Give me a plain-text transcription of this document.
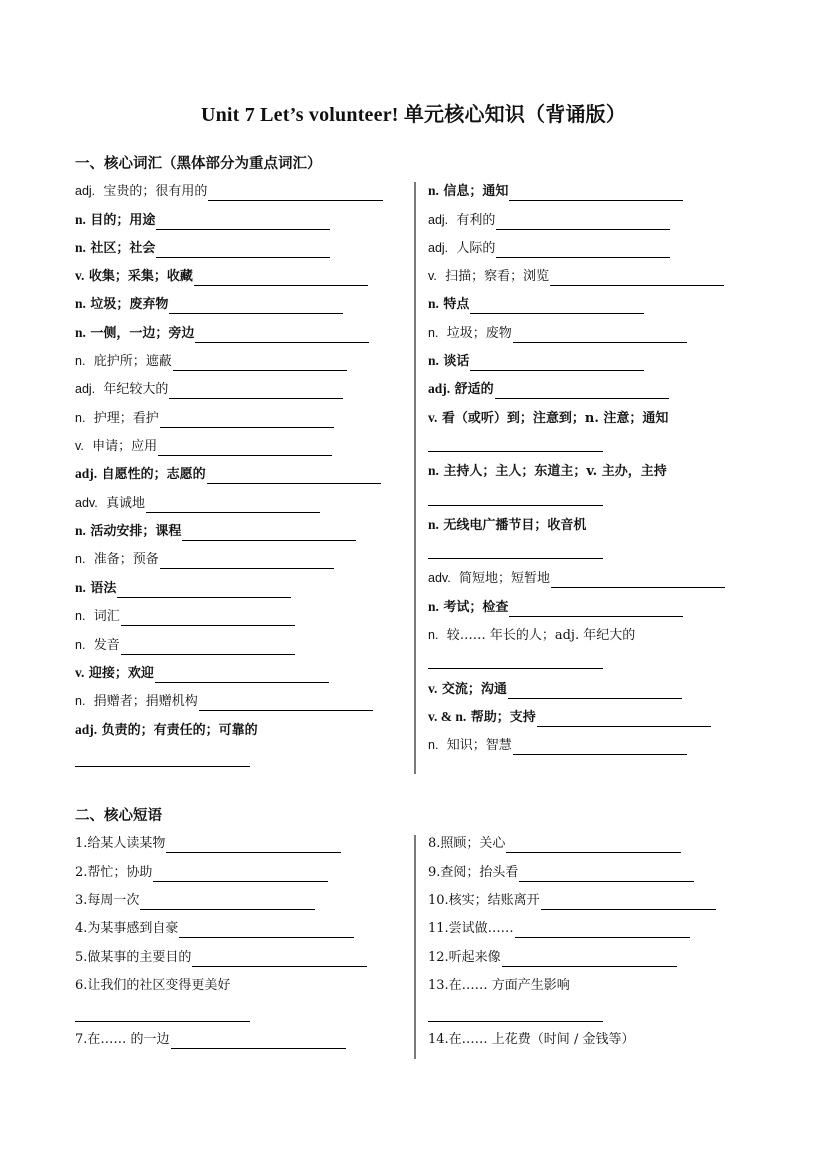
Unit 7 Let’s volunteer! 单元核心知识（背诵版）
一、核心词汇（黑体部分为重点词汇）
adj. 宝贵的；很有用的
n. 目的；用途
n. 社区；社会
v. 收集；采集；收藏
n. 垃圾；废弃物
n. 一侧，一边；旁边
n. 庇护所；遮蔽
adj. 年纪较大的
n. 护理；看护
v. 申请；应用
adj. 自愿性的；志愿的
adv. 真诚地
n. 活动安排；课程
n. 准备；预备
n. 语法
n. 词汇
n. 发音
v. 迎接；欢迎
n. 捐赠者；捐赠机构
adj. 负责的；有责任的；可靠的
n. 信息；通知
adj. 有利的
adj. 人际的
v. 扫描；察看；浏览
n. 特点
n. 垃圾；废物
n. 谈话
adj. 舒适的
v. 看（或听）到；注意到；n. 注意；通知
n. 主持人；主人；东道主；v. 主办，主持
n. 无线电广播节目；收音机
adv. 简短地；短暂地
n. 考试；检查
n. 较…… 年长的人；adj. 年纪大的
v. 交流；沟通
v. & n. 帮助；支持
n. 知识；智慧
二、核心短语
1.给某人读某物
2.帮忙；协助
3.每周一次
4.为某事感到自豪
5.做某事的主要目的
6.让我们的社区变得更美好
7.在…… 的一边
8.照顾；关心
9.查阅；抬头看
10.核实；结账离开
11.尝试做……
12.听起来像
13.在…… 方面产生影响
14.在…… 上花费（时间 / 金钱等）
